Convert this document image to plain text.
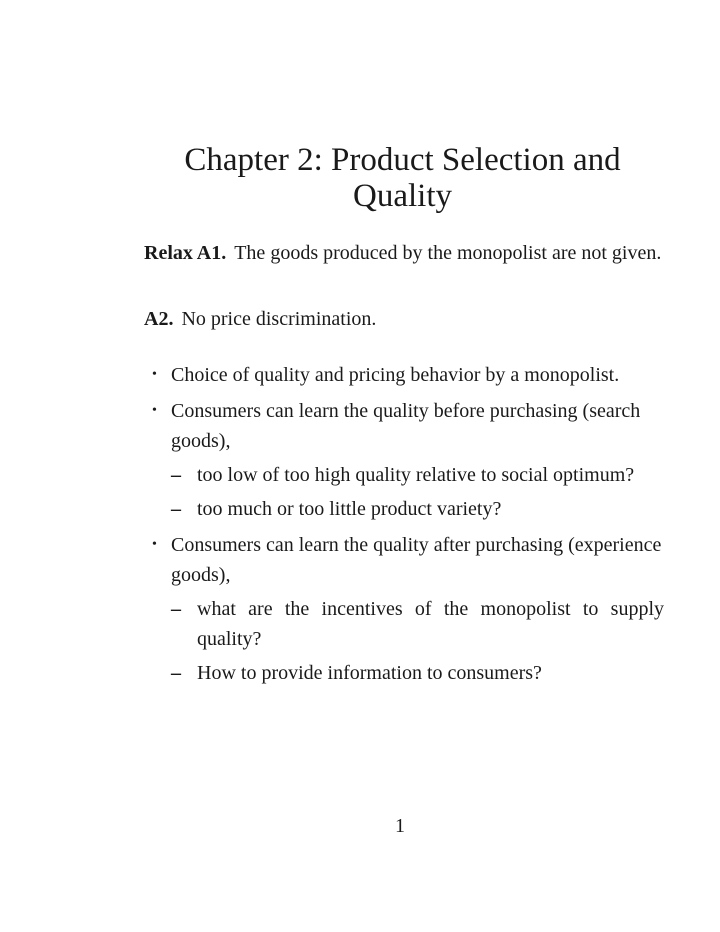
Chapter 2: Product Selection and Quality

Relax A1. The goods produced by the monopolist are not given.

A2. No price discrimination.

• Choice of quality and pricing behavior by a monopolist.
• Consumers can learn the quality before purchasing (search goods),
– too low of too high quality relative to social optimum?
– too much or too little product variety?
• Consumers can learn the quality after purchasing (experience goods),
– what are the incentives of the monopolist to supply quality?
– How to provide information to consumers?
1
